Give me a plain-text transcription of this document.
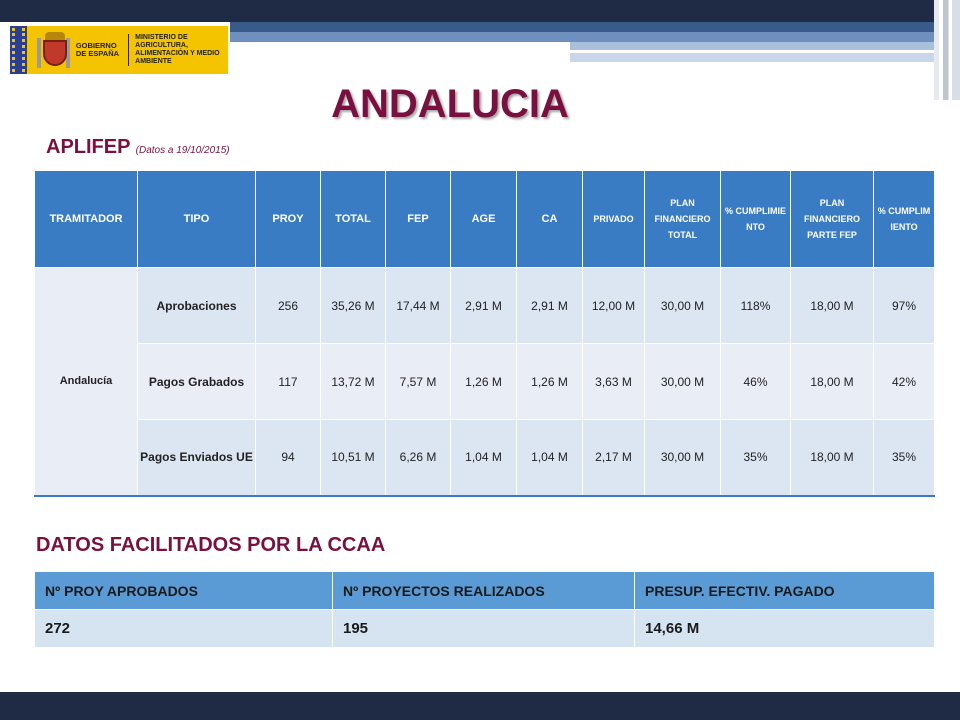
GOBIERNO DE ESPAÑA
MINISTERIO DE AGRICULTURA, ALIMENTACIÓN Y MEDIO AMBIENTE
ANDALUCIA
APLIFEP (Datos a 19/10/2015)
TRAMITADOR	TIPO	PROY	TOTAL	FEP	AGE	CA	PRIVADO	PLAN FINANCIERO TOTAL	% CUMPLIMIE NTO	PLAN FINANCIERO PARTE FEP	% CUMPLIM IENTO
Andalucía	Aprobaciones	256	35,26 M	17,44 M	2,91 M	2,91 M	12,00 M	30,00 M	118%	18,00 M	97%
	Pagos Grabados	117	13,72 M	7,57 M	1,26 M	1,26 M	3,63 M	30,00 M	46%	18,00 M	42%
	Pagos Enviados UE	94	10,51 M	6,26 M	1,04 M	1,04 M	2,17 M	30,00 M	35%	18,00 M	35%
DATOS FACILITADOS POR LA CCAA
Nº PROY APROBADOS	Nº PROYECTOS REALIZADOS	PRESUP. EFECTIV. PAGADO
272	195	14,66 M
